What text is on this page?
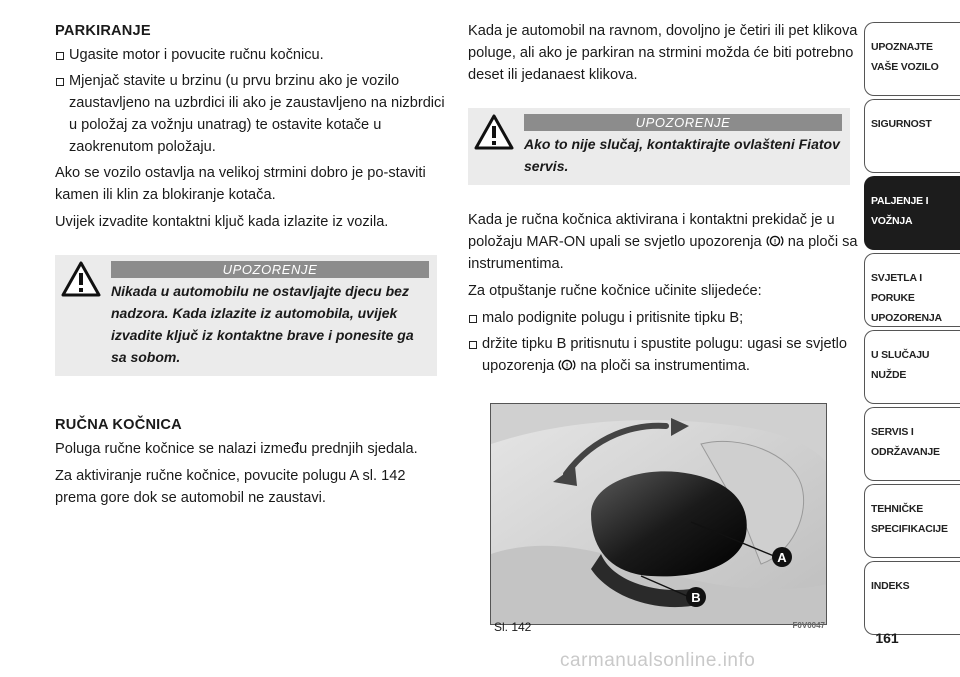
PARKIRANJE
Ugasite motor i povucite ručnu kočnicu.
Mjenjač stavite u brzinu (u prvu brzinu ako je vozilo zaustavljeno na uzbrdici ili ako je zaustavljeno na nizbrdici u položaj za vožnju unatrag) te ostavite kotače u zaokrenutom položaju.

Ako se vozilo ostavlja na velikoj strmini dobro je po-staviti kamen ili klin za blokiranje kotača.

Uvijek izvadite kontaktni ključ kada izlazite iz vozila.

UPOZORENJE
Nikada u automobilu ne ostavljajte djecu bez nadzora. Kada izlazite iz automobila, uvijek izvadite ključ iz kontaktne brave i ponesite ga sa sobom.
RUČNA KOČNICA

Poluga ručne kočnice se nalazi između prednjih sjedala.

Za aktiviranje ručne kočnice, povucite polugu A sl. 142 prema gore dok se automobil ne zaustavi.

Kada je automobil na ravnom, dovoljno je četiri ili pet klikova poluge, ali ako je parkiran na strmini možda će biti potrebno deset ili jedanaest klikova.

UPOZORENJE
Ako to nije slučaj, kontaktirajte ovlašteni Fiatov servis.

Kada je ručna kočnica aktivirana i kontaktni prekidač je u položaju MAR-ON upali se svjetlo upozorenja ! na ploči sa instrumentima.

Za otpuštanje ručne kočnice učinite slijedeće:

malo podignite polugu i pritisnite tipku B;
držite tipku B pritisnutu i spustite polugu: ugasi se svjetlo upozorenja ! na ploči sa instrumentima.
A
B
Sl. 142	F0V0047
UPOZNAJTE
VAŠE VOZILO
SIGURNOST
PALJENJE I
VOŽNJA
SVJETLA I PORUKE
UPOZORENJA
U SLUČAJU
NUŽDE
SERVIS I
ODRŽAVANJE
TEHNIČKE
SPECIFIKACIJE
INDEKS
161
carmanualsonline.info
